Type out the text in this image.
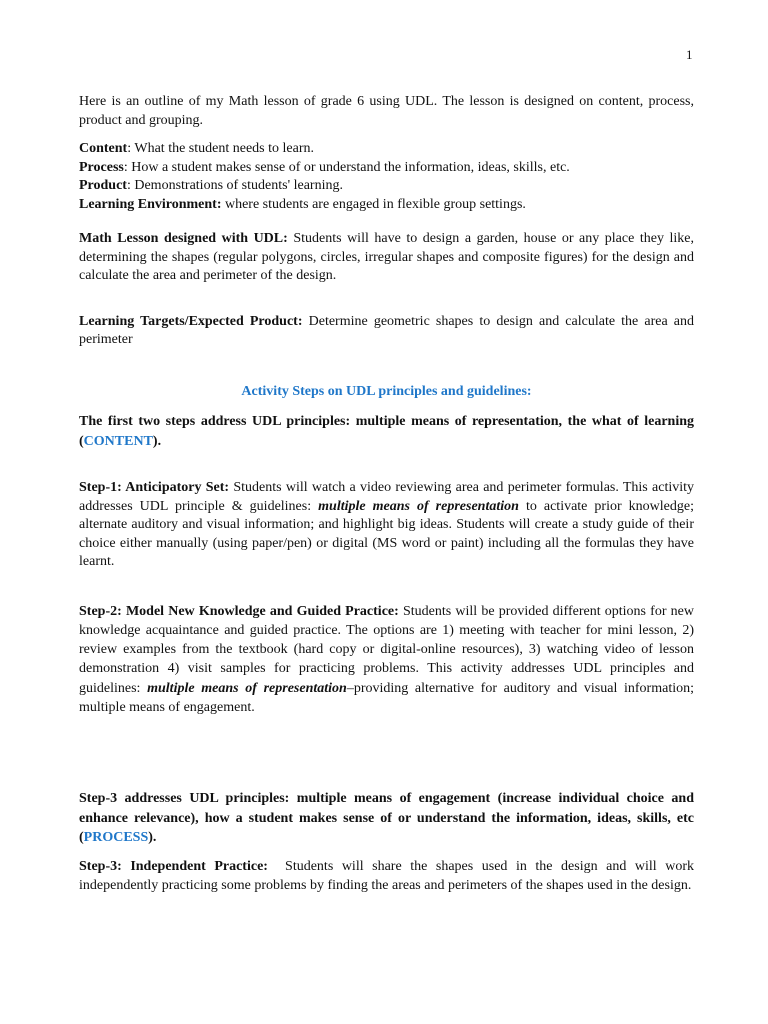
1

Here is an outline of my Math lesson of grade 6 using UDL. The lesson is designed on content, process, product and grouping.

Content: What the student needs to learn.

Process: How a student makes sense of or understand the information, ideas, skills, etc.

Product: Demonstrations of students' learning.

Learning Environment: where students are engaged in flexible group settings.

Math Lesson designed with UDL: Students will have to design a garden, house or any place they like, determining the shapes (regular polygons, circles, irregular shapes and composite figures) for the design and calculate the area and perimeter of the design.

Learning Targets/Expected Product: Determine geometric shapes to design and calculate the area and perimeter

Activity Steps on UDL principles and guidelines:

The first two steps address UDL principles: multiple means of representation, the what of learning (CONTENT).

Step-1: Anticipatory Set: Students will watch a video reviewing area and perimeter formulas. This activity addresses UDL principle & guidelines: multiple means of representation to activate prior knowledge; alternate auditory and visual information; and highlight big ideas. Students will create a study guide of their choice either manually (using paper/pen) or digital (MS word or paint) including all the formulas they have learnt.

Step-2: Model New Knowledge and Guided Practice: Students will be provided different options for new knowledge acquaintance and guided practice. The options are 1) meeting with teacher for mini lesson, 2) review examples from the textbook (hard copy or digital-online resources), 3) watching video of lesson demonstration 4) visit samples for practicing problems. This activity addresses UDL principles and guidelines: multiple means of representation–providing alternative for auditory and visual information; multiple means of engagement.

Step-3 addresses UDL principles: multiple means of engagement (increase individual choice and enhance relevance), how a student makes sense of or understand the information, ideas, skills, etc (PROCESS).

Step-3: Independent Practice:  Students will share the shapes used in the design and will work independently practicing some problems by finding the areas and perimeters of the shapes used in the design.
